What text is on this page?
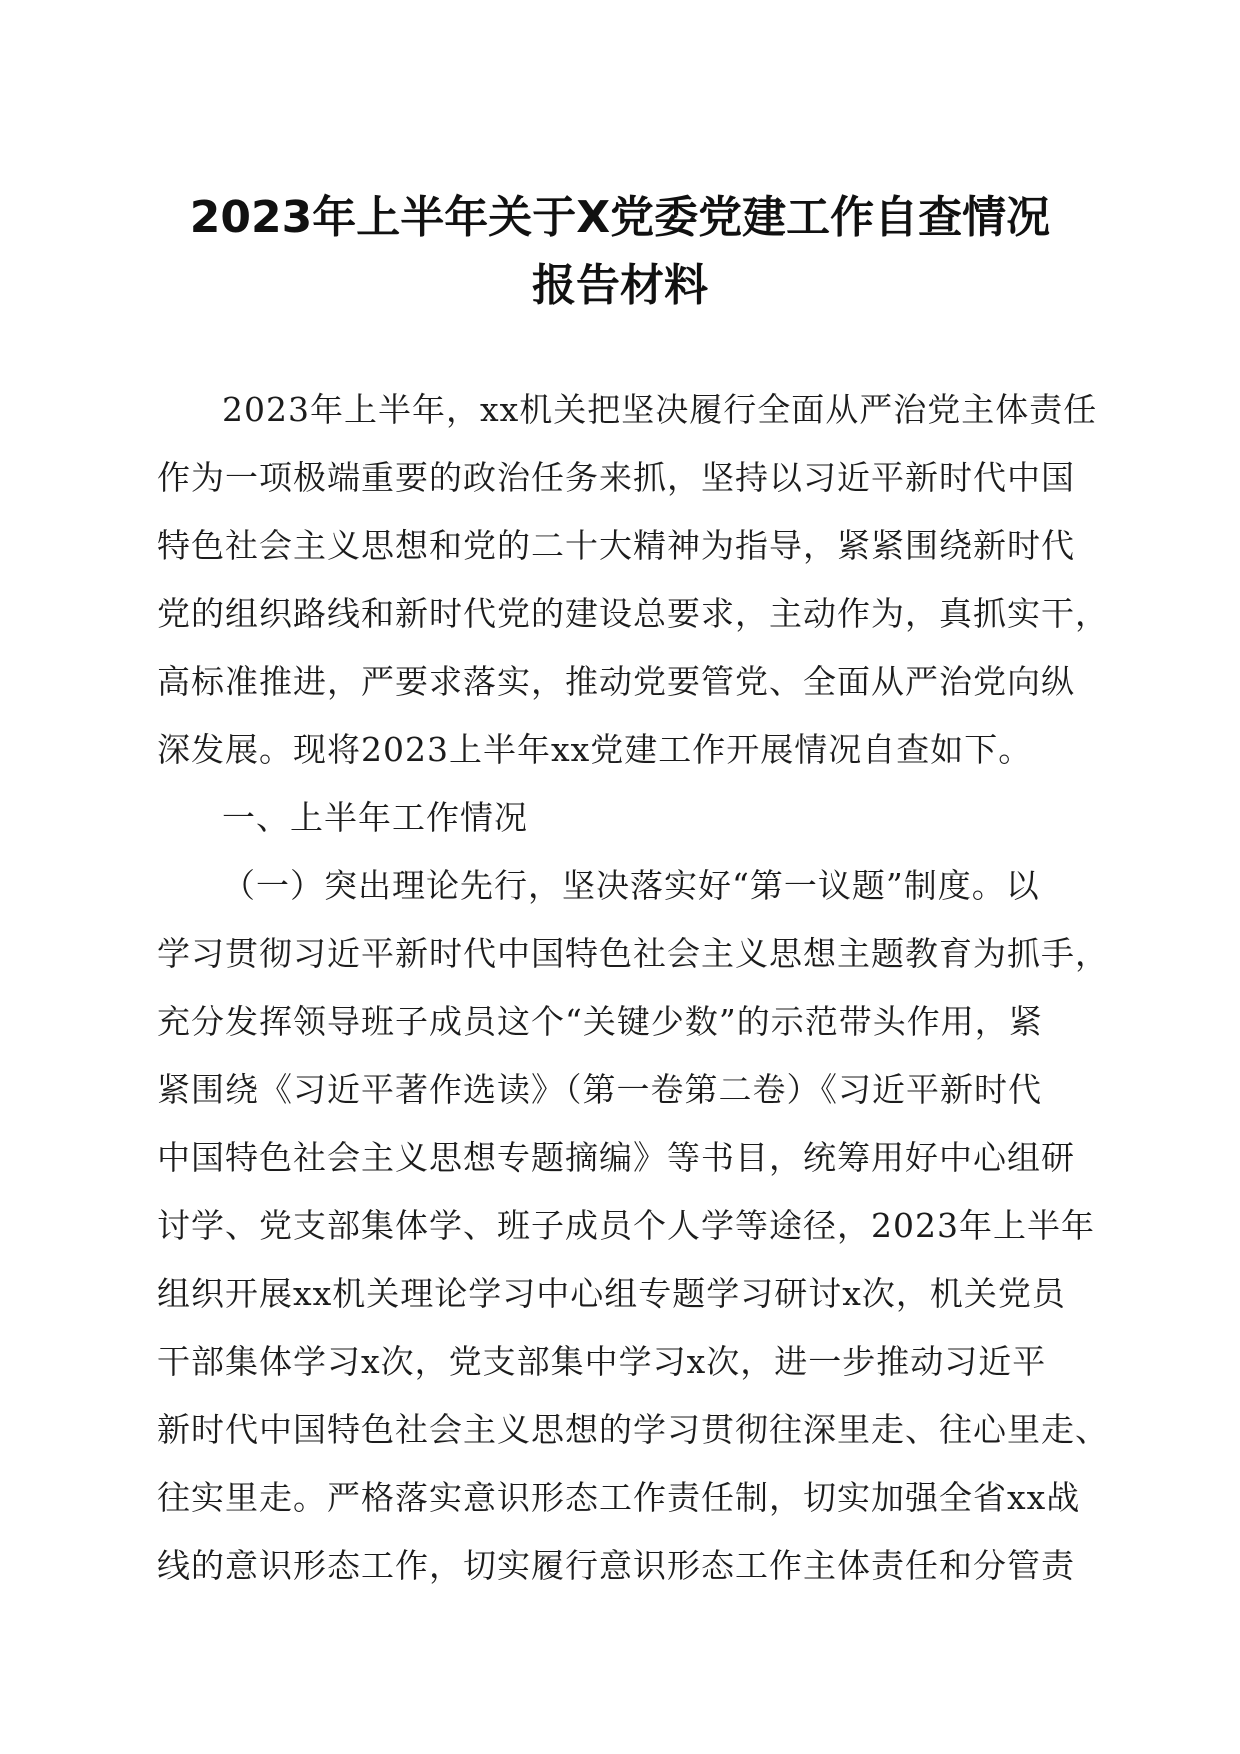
2023年上半年关于X党委党建工作自查情况
报告材料
2023年上半年，xx机关把坚决履行全面从严治党主体责任
作为一项极端重要的政治任务来抓，坚持以习近平新时代中国
特色社会主义思想和党的二十大精神为指导，紧紧围绕新时代
党的组织路线和新时代党的建设总要求，主动作为，真抓实干，
高标准推进，严要求落实，推动党要管党、全面从严治党向纵
深发展。现将2023上半年xx党建工作开展情况自查如下。
一、上半年工作情况
（一）突出理论先行，坚决落实好“第一议题”制度。以
学习贯彻习近平新时代中国特色社会主义思想主题教育为抓手，
充分发挥领导班子成员这个“关键少数”的示范带头作用，紧
紧围绕《习近平著作选读》（第一卷第二卷）《习近平新时代
中国特色社会主义思想专题摘编》等书目，统筹用好中心组研
讨学、党支部集体学、班子成员个人学等途径，2023年上半年
组织开展xx机关理论学习中心组专题学习研讨x次，机关党员
干部集体学习x次，党支部集中学习x次，进一步推动习近平
新时代中国特色社会主义思想的学习贯彻往深里走、往心里走、
往实里走。严格落实意识形态工作责任制，切实加强全省xx战
线的意识形态工作，切实履行意识形态工作主体责任和分管责
